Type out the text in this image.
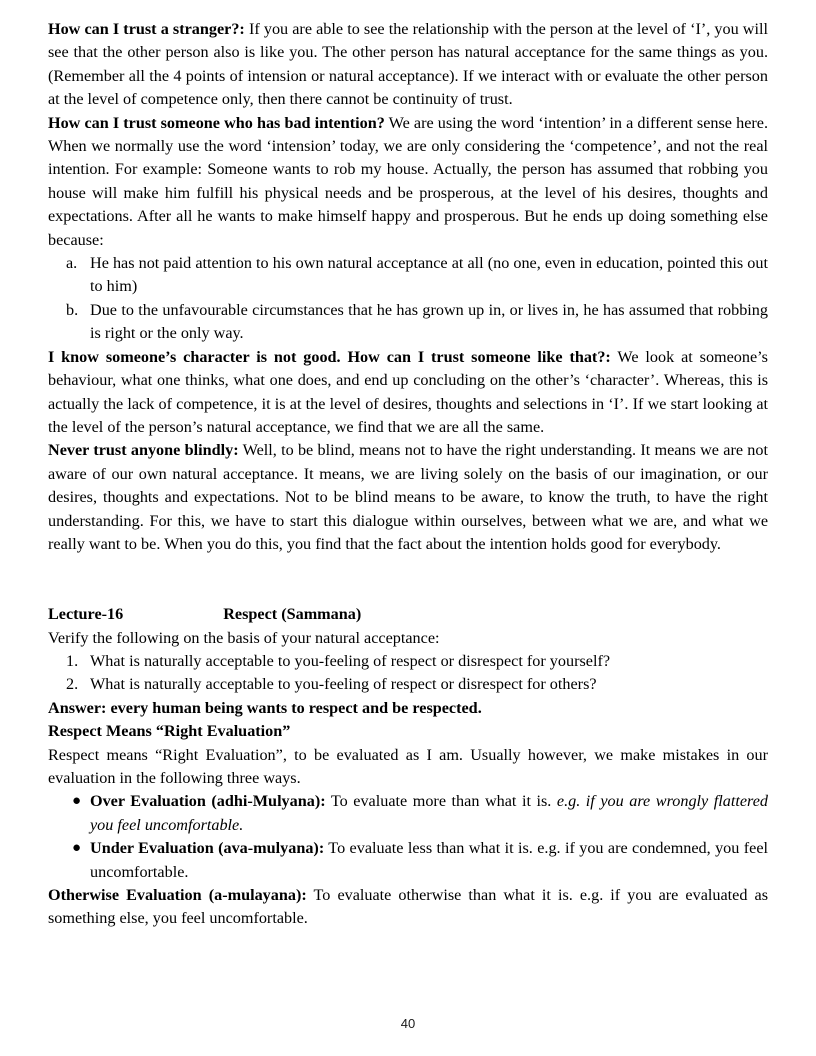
How can I trust a stranger?: If you are able to see the relationship with the person at the level of ‘I’, you will see that the other person also is like you. The other person has natural acceptance for the same things as you. (Remember all the 4 points of intension or natural acceptance). If we interact with or evaluate the other person at the level of competence only, then there cannot be continuity of trust.

How can I trust someone who has bad intention? We are using the word ‘intention’ in a different sense here. When we normally use the word ‘intension’ today, we are only considering the ‘competence’, and not the real intention. For example: Someone wants to rob my house. Actually, the person has assumed that robbing you house will make him fulfill his physical needs and be prosperous, at the level of his desires, thoughts and expectations. After all he wants to make himself happy and prosperous. But he ends up doing something else because:

a. He has not paid attention to his own natural acceptance at all (no one, even in education, pointed this out to him)
b. Due to the unfavourable circumstances that he has grown up in, or lives in, he has assumed that robbing is right or the only way.

I know someone’s character is not good. How can I trust someone like that?: We look at someone’s behaviour, what one thinks, what one does, and end up concluding on the other’s ‘character’. Whereas, this is actually the lack of competence, it is at the level of desires, thoughts and selections in ‘I’. If we start looking at the level of the person’s natural acceptance, we find that we are all the same.

Never trust anyone blindly: Well, to be blind, means not to have the right understanding. It means we are not aware of our own natural acceptance. It means, we are living solely on the basis of our imagination, or our desires, thoughts and expectations. Not to be blind means to be aware, to know the truth, to have the right understanding. For this, we have to start this dialogue within ourselves, between what we are, and what we really want to be. When you do this, you find that the fact about the intention holds good for everybody.

Lecture-16	Respect (Sammana)

Verify the following on the basis of your natural acceptance:

1. What is naturally acceptable to you-feeling of respect or disrespect for yourself?
2. What is naturally acceptable to you-feeling of respect or disrespect for others?

Answer: every human being wants to respect and be respected.

Respect Means “Right Evaluation”

Respect means “Right Evaluation”, to be evaluated as I am. Usually however, we make mistakes in our evaluation in the following three ways.

● Over Evaluation (adhi-Mulyana): To evaluate more than what it is. e.g. if you are wrongly flattered you feel uncomfortable.
● Under Evaluation (ava-mulyana): To evaluate less than what it is. e.g. if you are condemned, you feel uncomfortable.

Otherwise Evaluation (a-mulayana): To evaluate otherwise than what it is. e.g. if you are evaluated as something else, you feel uncomfortable.

40
